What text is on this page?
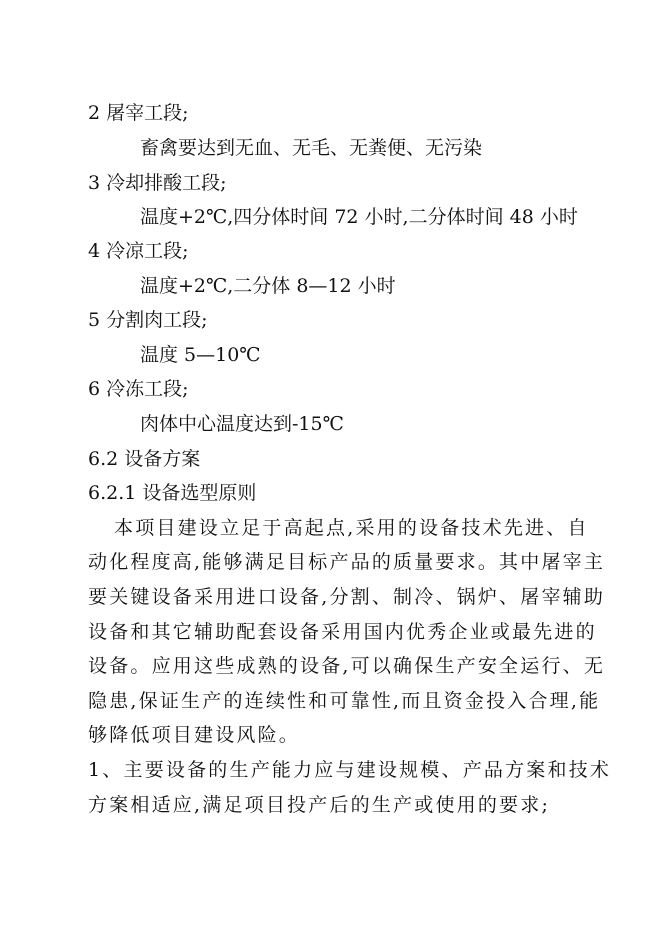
2 屠宰工段;
畜禽要达到无血、无毛、无粪便、无污染
3 冷却排酸工段;
温度+2℃,四分体时间 72 小时,二分体时间 48 小时
4 冷凉工段;
温度+2℃,二分体 8—12 小时
5 分割肉工段;
温度 5—10℃
6 冷冻工段;
肉体中心温度达到-15℃
6.2 设备方案
6.2.1 设备选型原则
本项目建设立足于高起点,采用的设备技术先进、自
动化程度高,能够满足目标产品的质量要求。其中屠宰主
要关键设备采用进口设备,分割、制冷、锅炉、屠宰辅助
设备和其它辅助配套设备采用国内优秀企业或最先进的
设备。应用这些成熟的设备,可以确保生产安全运行、无
隐患,保证生产的连续性和可靠性,而且资金投入合理,能
够降低项目建设风险。
1、主要设备的生产能力应与建设规模、产品方案和技术
方案相适应,满足项目投产后的生产或使用的要求;
